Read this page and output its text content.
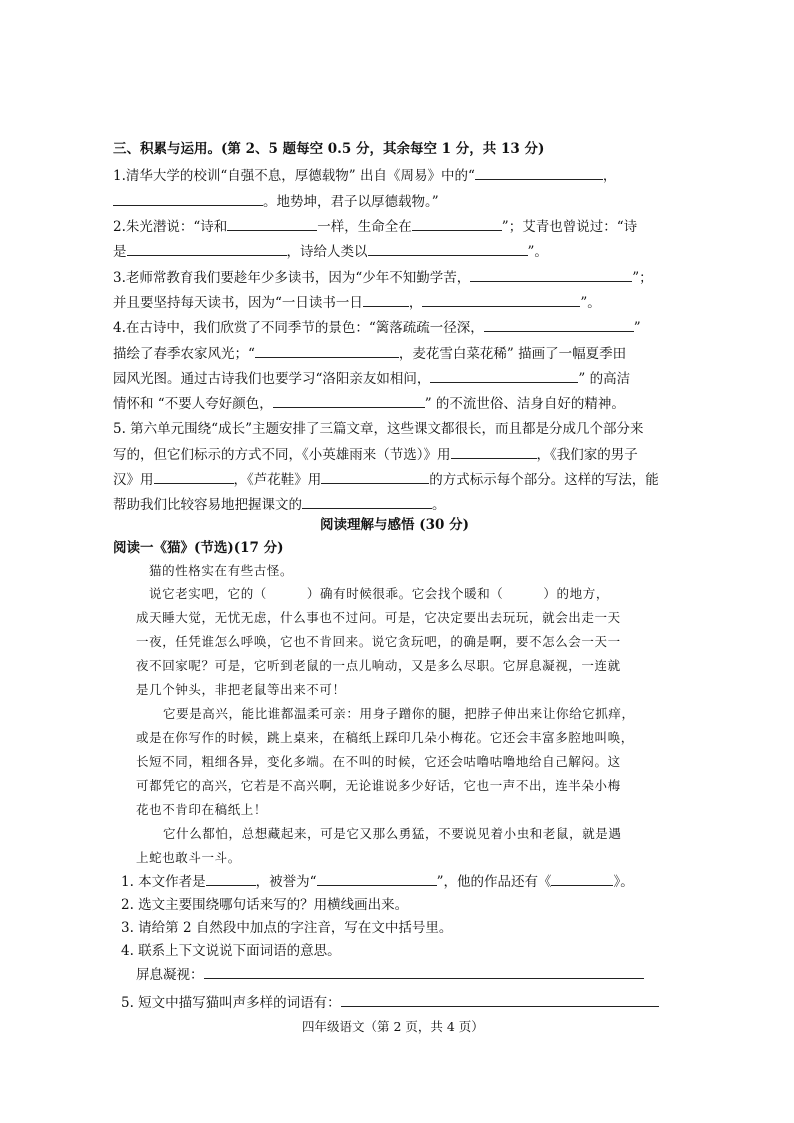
三、积累与运用。(第 2、5 题每空 0.5 分，其余每空 1 分，共 13 分)
1.清华大学的校训“自强不息，厚德载物” 出自《周易》中的“	，
。地势坤，君子以厚德载物。”
2.朱光潜说：“诗和	一样，生命全在	”；艾青也曾说过：“诗
是	，诗给人类以	”。
3.老师常教育我们要趁年少多读书，因为“少年不知勤学苦，	”；
并且要坚持每天读书，因为“一日读书一日	，	”。
4.在古诗中，我们欣赏了不同季节的景色：“篱落疏疏一径深，	”
描绘了春季农家风光；“	，麦花雪白菜花稀” 描画了一幅夏季田
园风光图。通过古诗我们也要学习“洛阳亲友如相问，	” 的高洁
情怀和 “不要人夸好颜色，	” 的不流世俗、洁身自好的精神。
5. 第六单元围绕“成长”主题安排了三篇文章，这些课文都很长，而且都是分成几个部分来
写的，但它们标示的方式不同，《小英雄雨来（节选）》用	，《我们家的男子
汉》用	，《芦花鞋》用	的方式标示每个部分。这样的写法，能
帮助我们比较容易地把握课文的	。
阅读理解与感悟 (30 分)
阅读一《猫》(节选)(17 分)
猫的性格实在有些古怪。
说它老实吧，它的（	）确有时候很乖。它会找个暖和（	）的地方，
成天睡大觉，无忧无虑，什么事也不过问。可是，它决定要出去玩玩，就会出走一天
一夜，任凭谁怎么呼唤，它也不肯回来。说它贪玩吧，的确是啊，要不怎么会一天一
夜不回家呢？可是，它听到老鼠的一点儿响动，又是多么尽职。它屏息凝视，一连就
是几个钟头，非把老鼠等出来不可！
它要是高兴，能比谁都温柔可亲：用身子蹭你的腿，把脖子伸出来让你给它抓痒，
或是在你写作的时候，跳上桌来，在稿纸上踩印几朵小梅花。它还会丰富多腔地叫唤，
长短不同，粗细各异，变化多端。在不叫的时候，它还会咕噜咕噜地给自己解闷。这
可都凭它的高兴，它若是不高兴啊，无论谁说多少好话，它也一声不出，连半朵小梅
花也不肯印在稿纸上！
它什么都怕，总想藏起来，可是它又那么勇猛，不要说见着小虫和老鼠，就是遇
上蛇也敢斗一斗。
1. 本文作者是	，被誉为“	”，他的作品还有《	》。
2. 选文主要围绕哪句话来写的？用横线画出来。
3. 请给第 2 自然段中加点的字注音，写在文中括号里。
4. 联系上下文说说下面词语的意思。
屏息凝视：
5. 短文中描写猫叫声多样的词语有：
四年级语文（第 2 页，共 4 页）
